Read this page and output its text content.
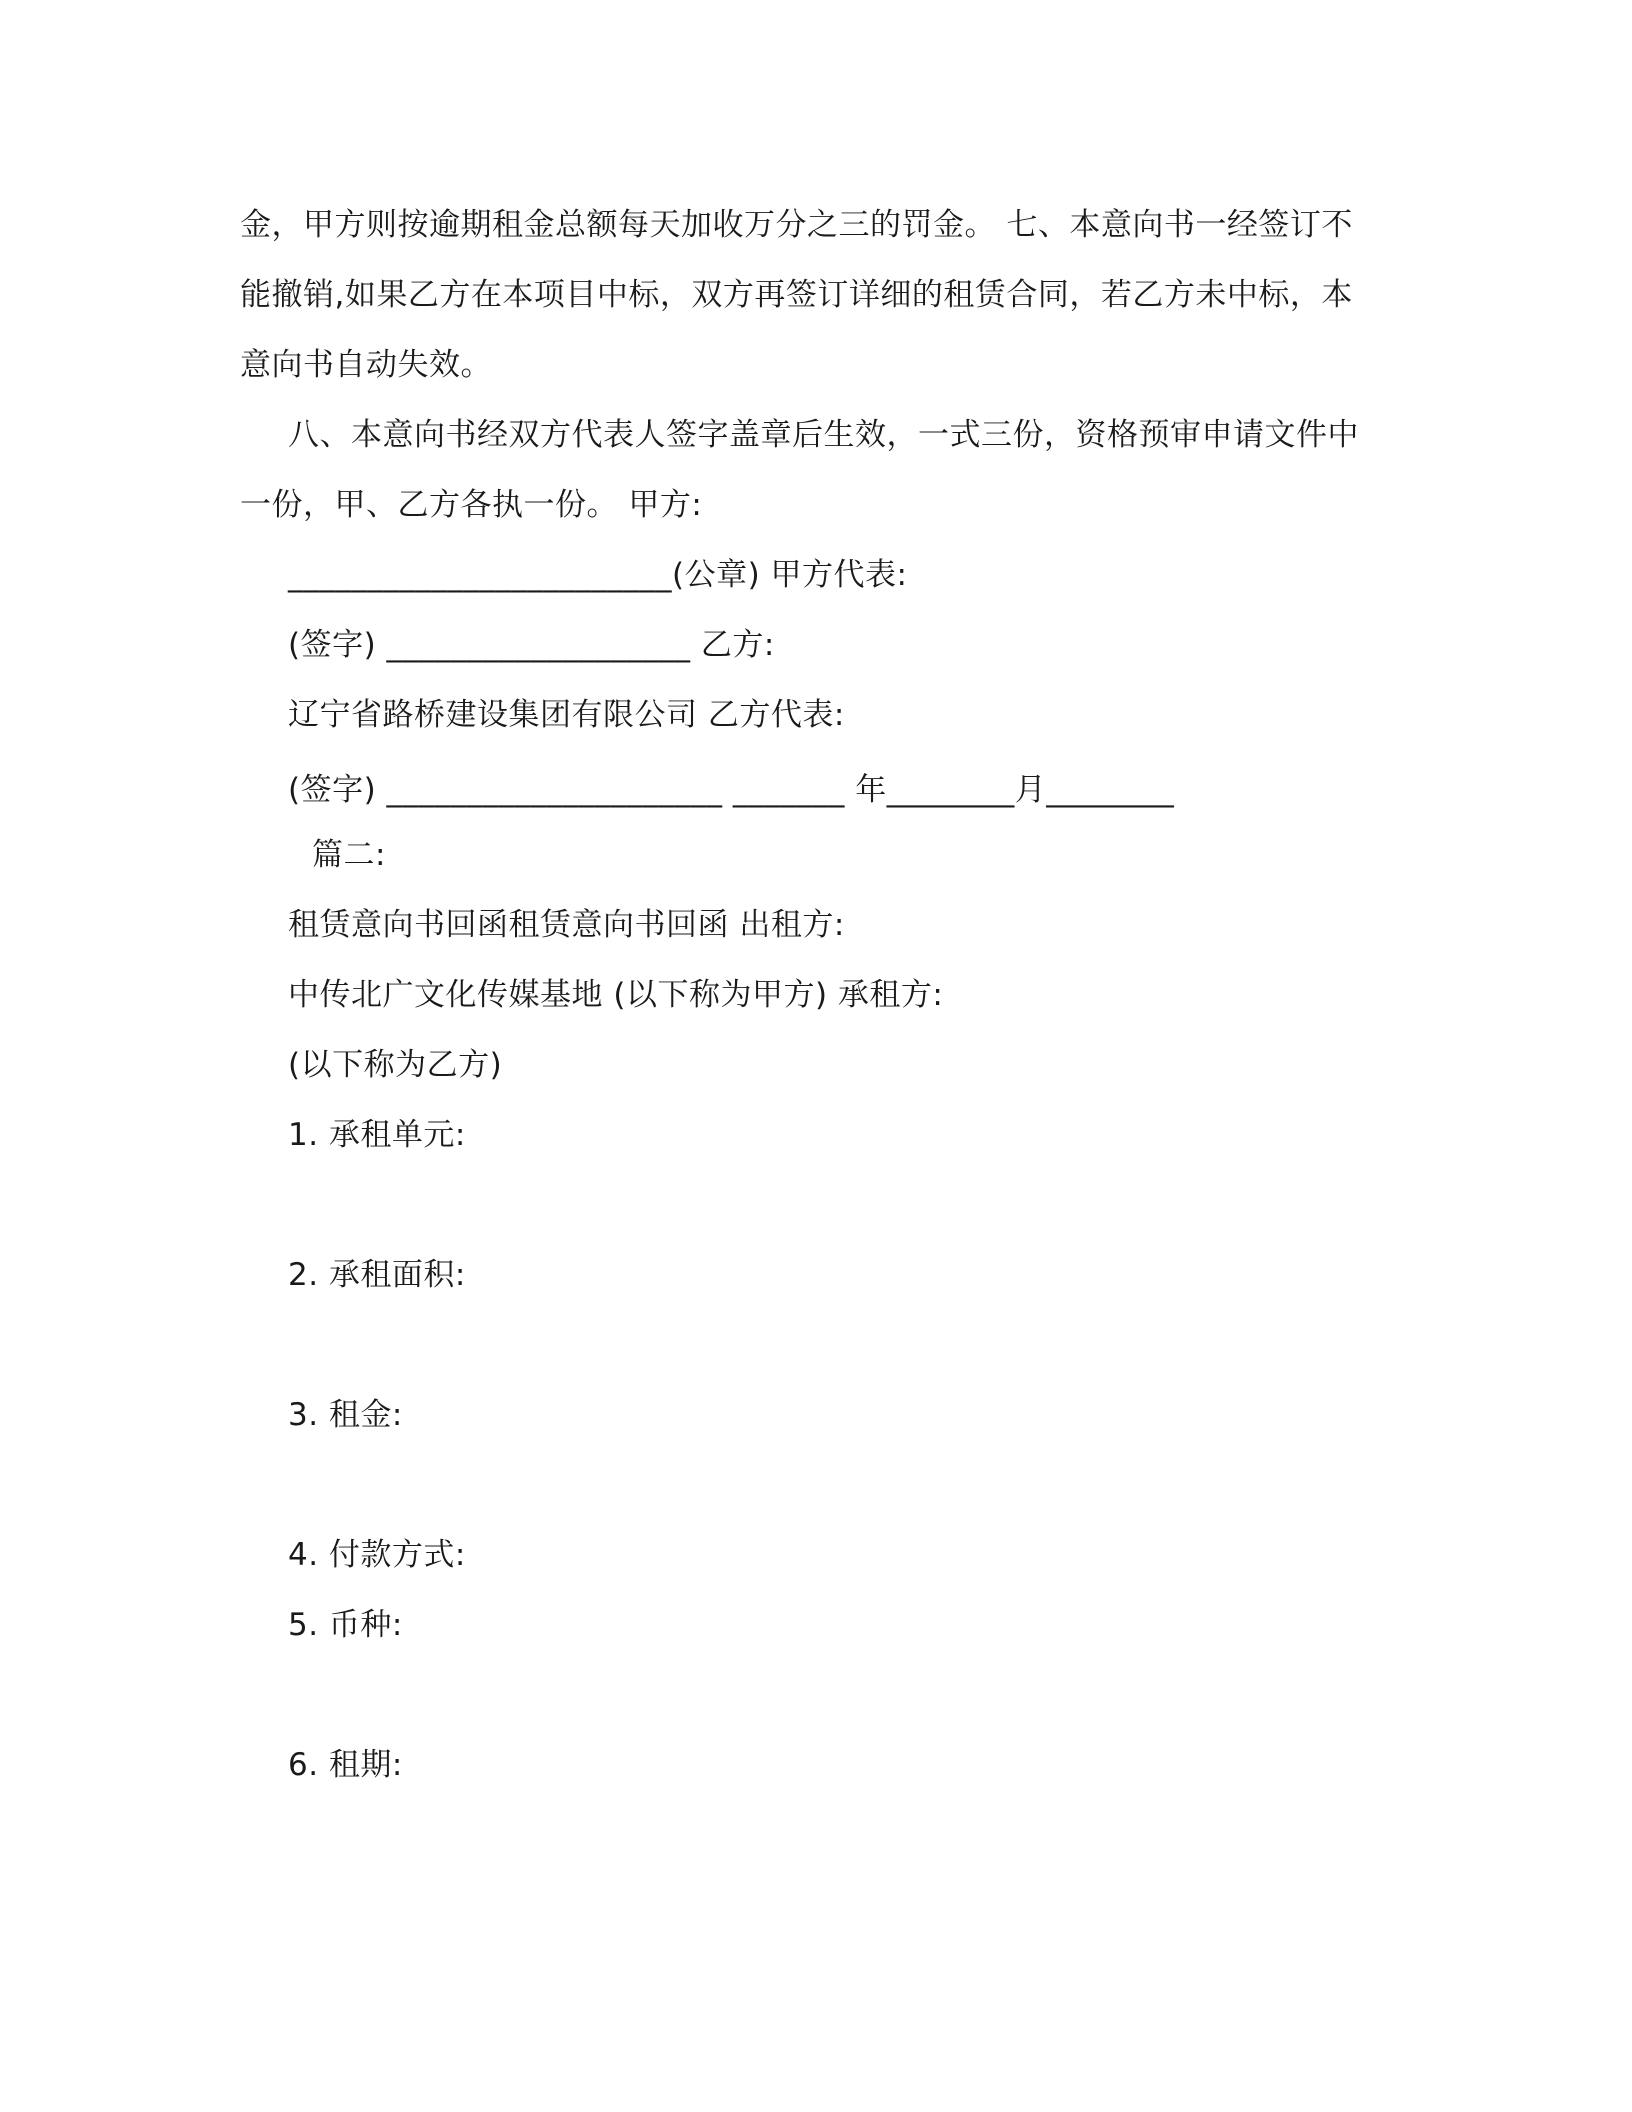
金，甲方则按逾期租金总额每天加收万分之三的罚金。 七、本意向书一经签订不
能撤销,如果乙方在本项目中标，双方再签订详细的租赁合同，若乙方未中标，本
意向书自动失效。
八、本意向书经双方代表人签字盖章后生效，一式三份，资格预审申请文件中
一份，甲、乙方各执一份。 甲方:
________________________(公章) 甲方代表:
(签字) ___________________ 乙方:
辽宁省路桥建设集团有限公司 乙方代表:
(签字) _____________________ _______ 年________月________
篇二:
租赁意向书回函租赁意向书回函 出租方:
中传北广文化传媒基地 (以下称为甲方) 承租方:
(以下称为乙方)
1. 承租单元:
2. 承租面积:
3. 租金:
4. 付款方式:
5. 币种:
6. 租期:
